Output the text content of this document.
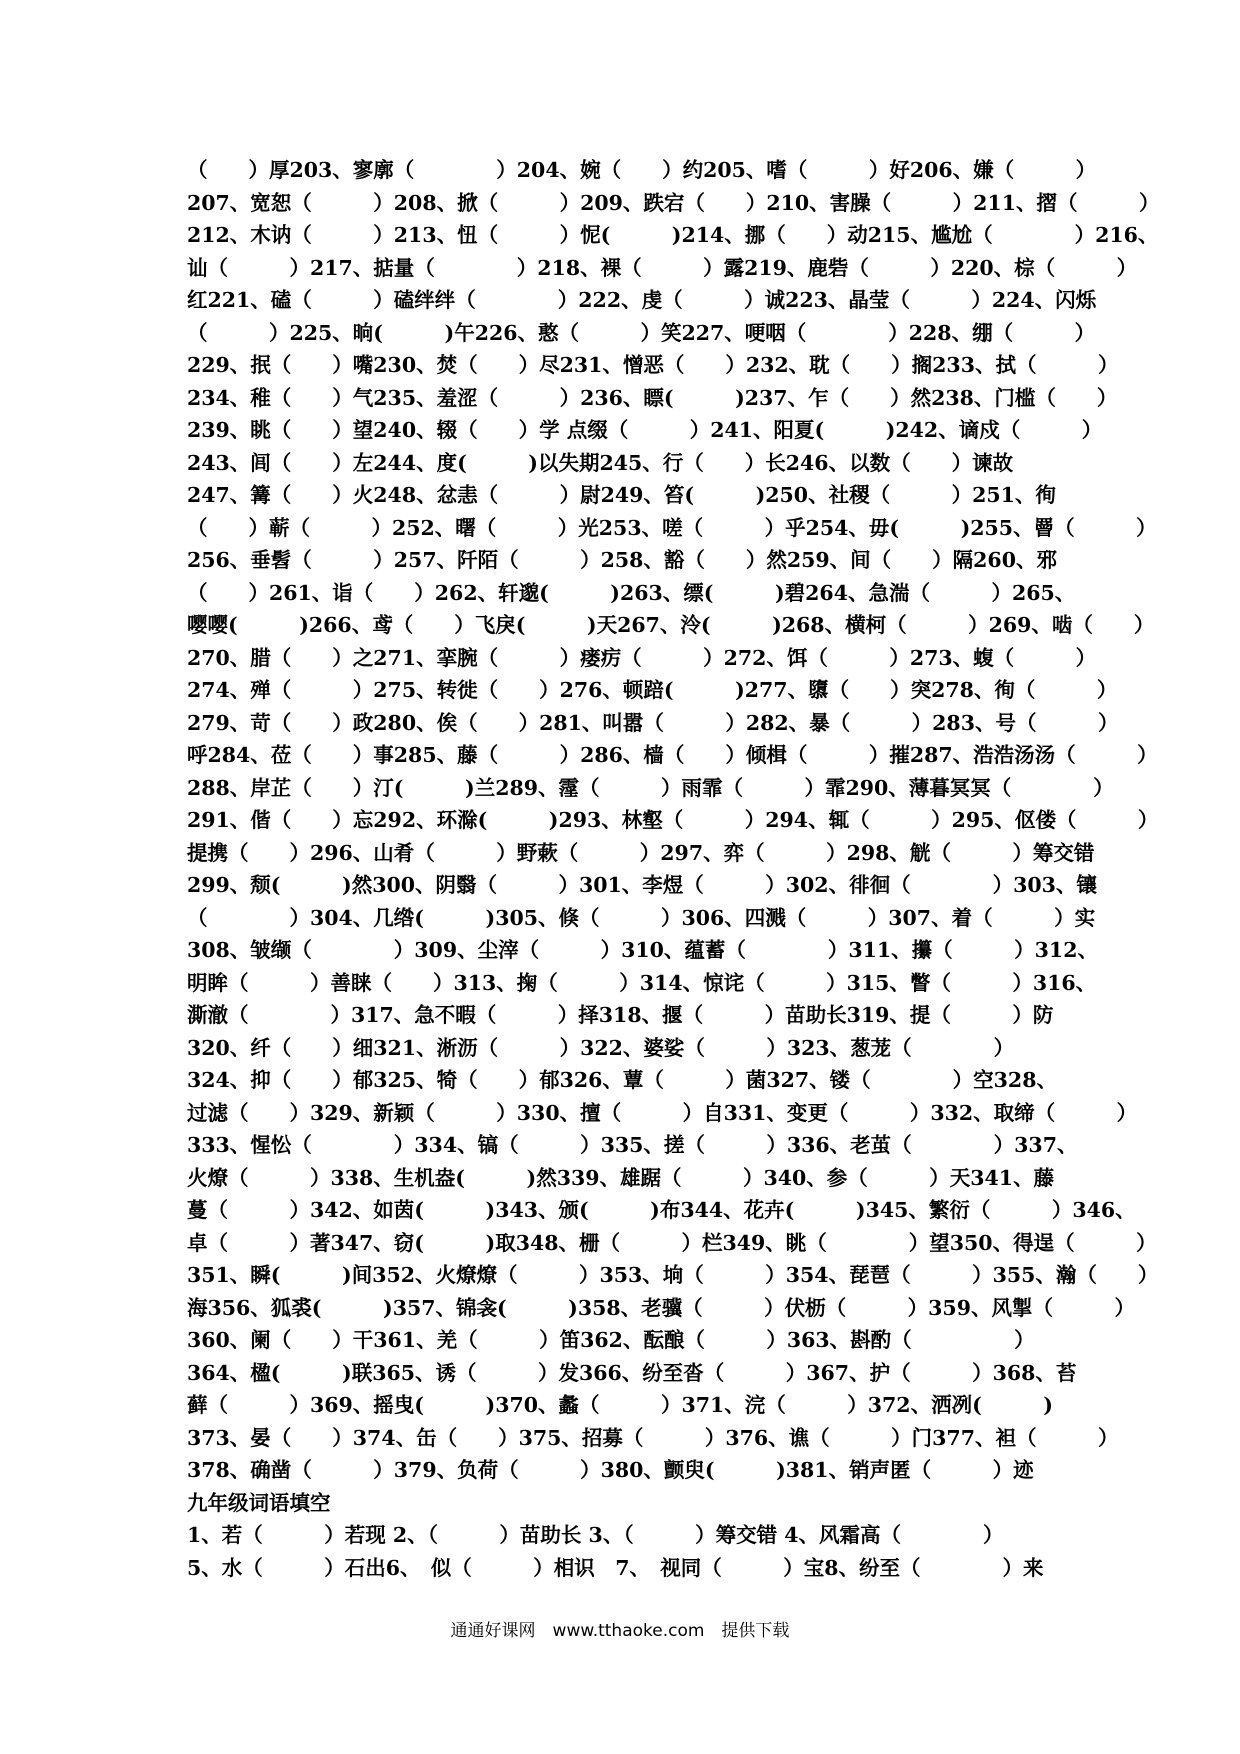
（　　）厚203、寥廓（　　　　）204、婉（　　）约205、嗜（　　　）好206、嫌（　　　）
207、宽恕（　　　）208、掀（　　　）209、跌宕（　　）210、害臊（　　　）211、摺（　　　）
212、木讷（　　　）213、忸（　　　）怩(　　　)214、挪（　　）动215、尴尬（　　　　）216、
讪（　　　）217、掂量（　　　　）218、裸（　　　）露219、鹿砦（　　　）220、棕（　　　）
红221、磕（　　　）磕绊绊（　　　　）222、虔（　　　）诚223、晶莹（　　　）224、闪烁
（　　　）225、晌(　　　)午226、憨（　　　）笑227、哽咽（　　　　）228、绷（　　　）
229、抿（　　）嘴230、焚（　　）尽231、憎恶（　　）232、耽（　　）搁233、拭（　　　）
234、稚（　　）气235、羞涩（　　　）236、瞟(　　　)237、乍（　　）然238、门槛（　　）
239、眺（　　）望240、辍（　　）学 点缀（　　　）241、阳夏(　　　)242、谪戍（　　　）
243、闾（　　）左244、度(　　　)以失期245、行（　　）长246、以数（　　）谏故
247、篝（　　）火248、忿恚（　　　）尉249、笞(　　　)250、社稷（　　　）251、徇
（　　）蕲（　　　）252、曙（　　　）光253、嗟（　　　）乎254、毋(　　　)255、罾（　　　）
256、垂髫（　　　）257、阡陌（　　　）258、豁（　　）然259、间（　　）隔260、邪
（　　）261、诣（　　）262、轩邈(　　　)263、缥(　　　)碧264、急湍（　　　）265、
嘤嘤(　　　)266、鸢（　　）飞戾(　　　)天267、泠(　　　)268、横柯（　　　）269、啮（　　）
270、腊（　　）之271、挛腕（　　　）瘘疠（　　　）272、饵（　　　）273、蝮（　　　）
274、殚（　　　）275、转徙（　　）276、顿踣(　　　)277、隳（　　）突278、徇（　　　）
279、苛（　　）政280、俟（　　）281、叫嚣（　　　）282、暴（　　　）283、号（　　　）
呼284、莅（　　）事285、藤（　　　）286、樯（　　）倾楫（　　　）摧287、浩浩汤汤（　　　）
288、岸芷（　　）汀(　　　)兰289、霪（　　　）雨霏（　　　）霏290、薄暮冥冥（　　　　）
291、偕（　　）忘292、环滁(　　　)293、林壑（　　　）294、辄（　　　）295、伛偻（　　　）
提携（　　）296、山肴（　　　）野蔌（　　　）297、弈（　　　）298、觥（　　　）筹交错
299、颓(　　　)然300、阴翳（　　　）301、李煜（　　　）302、徘徊（　　　　）303、镶
（　　　　）304、几绺(　　　)305、倏（　　　）306、四溅（　　　）307、着（　　　）实
308、皱缬（　　　　）309、尘滓（　　　）310、蕴蓄（　　　　）311、攥（　　　）312、
明眸（　　　）善睐（　　）313、掬（　　　）314、惊诧（　　　）315、瞥（　　　）316、
澌澈（　　　　）317、急不暇（　　　）择318、揠（　　　）苗助长319、提（　　　）防
320、纤（　　）细321、淅沥（　　　）322、婆娑（　　　）323、葱茏（　　　　）
324、抑（　　）郁325、犄（　　）郁326、蕈（　　　）菌327、镂（　　　　）空328、
过滤（　　）329、新颖（　　　）330、擅（　　　）自331、变更（　　　）332、取缔（　　　）
333、惺忪（　　　　）334、镐（　　　）335、搓（　　　）336、老茧（　　　　）337、
火燎（　　　）338、生机盎(　　　)然339、雄踞（　　　）340、参（　　　）天341、藤
蔓（　　　）342、如茵(　　　)343、颁(　　　)布344、花卉(　　　)345、繁衍（　　　）346、
卓（　　　）著347、窃(　　　)取348、栅（　　　）栏349、眺（　　　　）望350、得逞（　　　）
351、瞬(　　　)间352、火燎燎（　　　）353、垧（　　　）354、琵琶（　　　）355、瀚（　　）
海356、狐裘(　　　)357、锦衾(　　　)358、老骥（　　　）伏枥（　　　）359、风掣（　　　）
360、阑（　　）干361、羌（　　　）笛362、酝酿（　　　）363、斟酌（　　　　　）
364、楹(　　　)联365、诱（　　　）发366、纷至沓（　　　）367、护（　　　）368、苔
藓（　　　）369、摇曳(　　　)370、蠡（　　　）371、浣（　　　）372、洒冽(　　　)
373、晏（　　）374、缶（　　）375、招募（　　　）376、谯（　　　）门377、袒（　　　）
378、确凿（　　　）379、负荷（　　　）380、颤臾(　　　)381、销声匿（　　　）迹
九年级词语填空
1、若（　　　）若现 2、（　　　）苗助长 3、（　　　）筹交错 4、风霜高（　　　　）
5、水（　　　）石出6、　似（　　　）相识　7、　视同（　　　）宝8、纷至（　　　　）来
通通好课网　www.tthaoke.com　提供下载
